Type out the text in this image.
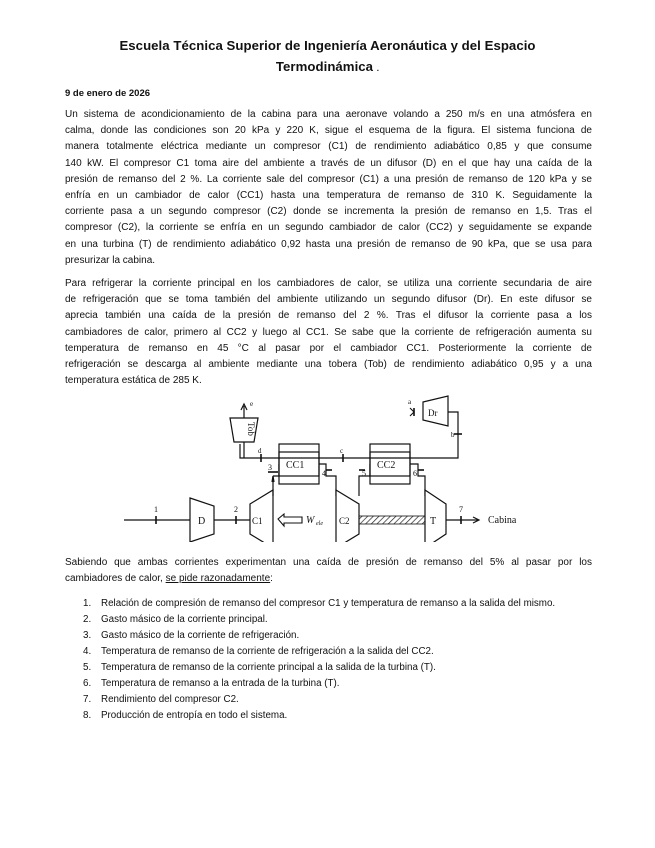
Escuela Técnica Superior de Ingeniería Aeronáutica y del Espacio
Termodinámica .
9 de enero de 2026
Un sistema de acondicionamiento de la cabina para una aeronave volando a 250 m/s en una atmósfera en
calma, donde las condiciones son 20 kPa y 220 K, sigue el esquema de la figura. El sistema funciona de
manera totalmente eléctrica mediante un compresor (C1) de rendimiento adiabático 0,85 y que consume
140 kW. El compresor C1 toma aire del ambiente a través de un difusor (D) en el que hay una caída de la
presión de remanso del 2 %. La corriente sale del compresor (C1) a una presión de remanso de 120 kPa y se
enfría en un cambiador de calor (CC1) hasta una temperatura de remanso de 310 K. Seguidamente la
corriente pasa a un segundo compresor (C2) donde se incrementa la presión de remanso en 1,5. Tras el
compresor (C2), la corriente se enfría en un segundo cambiador de calor (CC2) y seguidamente se expande
en una turbina (T) de rendimiento adiabático 0,92 hasta una presión de remanso de 90 kPa, que se usa para
presurizar la cabina.
Para refrigerar la corriente principal en los cambiadores de calor, se utiliza una corriente secundaria de aire
de refrigeración que se toma también del ambiente utilizando un segundo difusor (Dr). En este difusor se
aprecia también una caída de la presión de remanso del 2 %. Tras el difusor la corriente pasa a los
cambiadores de calor, primero al CC2 y luego al CC1. Se sabe que la corriente de refrigeración aumenta su
temperatura de remanso en 45 °C al pasar por el cambiador CC1. Posteriormente la corriente de
refrigeración se descarga al ambiente mediante una tobera (Tob) de rendimiento adiabático 0,95 y a una
temperatura estática de 285 K.
D	C1	C2	T
CC1	CC2
Dr
Tob
1	2
3
4	5	6
7
a
b
c
d
e
Cabina
W ele
Sabiendo que ambas corrientes experimentan una caída de presión de remanso del 5% al pasar por los
cambiadores de calor, se pide razonadamente:
1. Relación de compresión de remanso del compresor C1 y temperatura de remanso a la salida del mismo.
2. Gasto másico de la corriente principal.
3. Gasto másico de la corriente de refrigeración.
4. Temperatura de remanso de la corriente de refrigeración a la salida del CC2.
5. Temperatura de remanso de la corriente principal a la salida de la turbina (T).
6. Temperatura de remanso a la entrada de la turbina (T).
7. Rendimiento del compresor C2.
8. Producción de entropía en todo el sistema.
